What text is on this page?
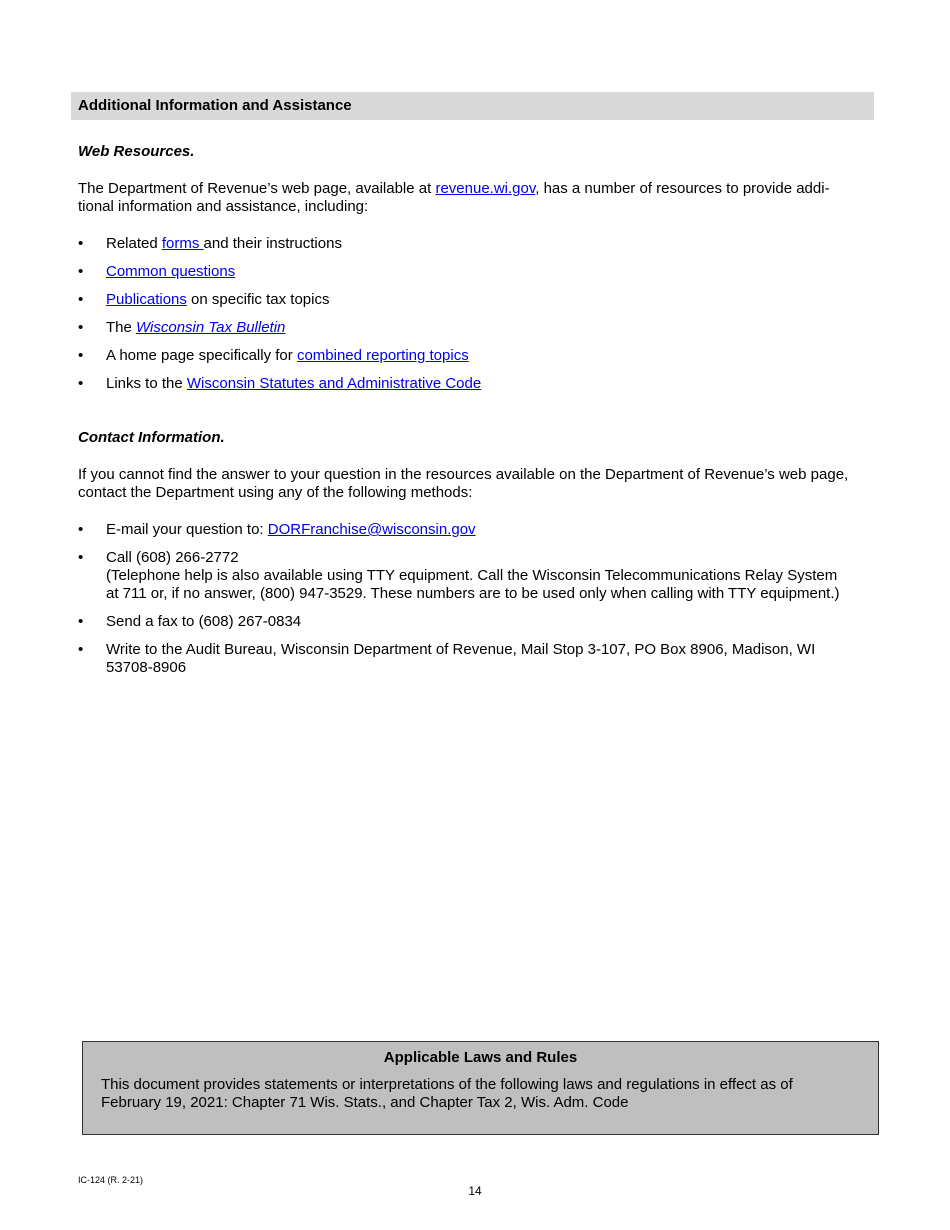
Additional Information and Assistance
Web Resources.
The Department of Revenue’s web page, available at revenue.wi.gov, has a number of resources to provide addi-
tional information and assistance, including:
• Related forms and their instructions
• Common questions
• Publications on specific tax topics
• The Wisconsin Tax Bulletin
• A home page specifically for combined reporting topics
• Links to the Wisconsin Statutes and Administrative Code
Contact Information.
If you cannot find the answer to your question in the resources available on the Department of Revenue’s web page,
contact the Department using any of the following methods:
• E-mail your question to: DORFranchise@wisconsin.gov
• Call (608) 266-2772
(Telephone help is also available using TTY equipment. Call the Wisconsin Telecommunications Relay System
at 711 or, if no answer, (800) 947-3529. These numbers are to be used only when calling with TTY equipment.)
• Send a fax to (608) 267-0834
• Write to the Audit Bureau, Wisconsin Department of Revenue, Mail Stop 3-107, PO Box 8906, Madison, WI
53708-8906
Applicable Laws and Rules
This document provides statements or interpretations of the following laws and regulations in effect as of
February 19, 2021: Chapter 71 Wis. Stats., and Chapter Tax 2, Wis. Adm. Code
IC-124 (R. 2-21)
14
